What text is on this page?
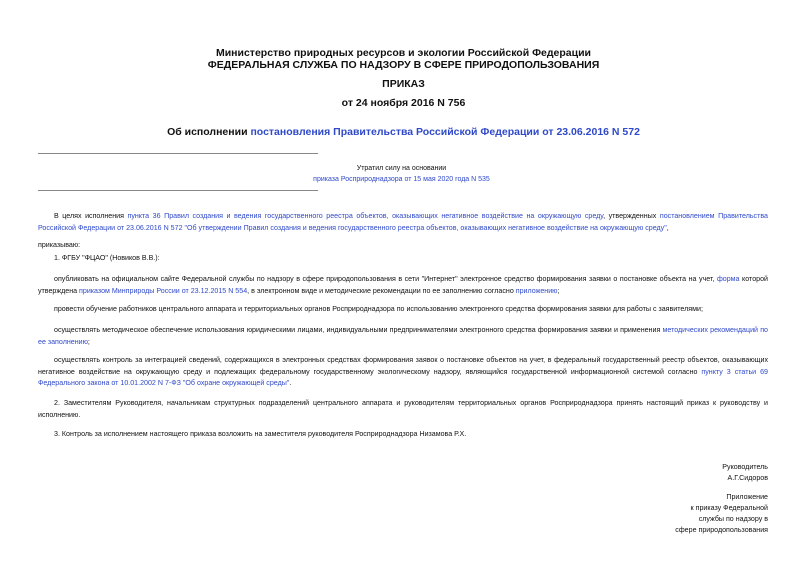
Министерство природных ресурсов и экологии Российской Федерации
ФЕДЕРАЛЬНАЯ СЛУЖБА ПО НАДЗОРУ В СФЕРЕ ПРИРОДОПОЛЬЗОВАНИЯ
ПРИКАЗ
от 24 ноября 2016 N 756
Об исполнении постановления Правительства Российской Федерации от 23.06.2016 N 572
Утратил силу на основании
приказа Росприроднадзора от 15 мая 2020 года N 535
В целях исполнения пункта 36 Правил создания и ведения государственного реестра объектов, оказывающих негативное воздействие на окружающую среду, утвержденных постановлением Правительства Российской Федерации от 23.06.2016 N 572 "Об утверждении Правил создания и ведения государственного реестра объектов, оказывающих негативное воздействие на окружающую среду",
приказываю:
1. ФГБУ "ФЦАО" (Новиков В.В.):
опубликовать на официальном сайте Федеральной службы по надзору в сфере природопользования в сети "Интернет" электронное средство формирования заявки о постановке объекта на учет, форма которой утверждена приказом Минприроды России от 23.12.2015 N 554, в электронном виде и методические рекомендации по ее заполнению согласно приложению;
провести обучение работников центрального аппарата и территориальных органов Росприроднадзора по использованию электронного средства формирования заявки для работы с заявителями;
осуществлять методическое обеспечение использования юридическими лицами, индивидуальными предпринимателями электронного средства формирования заявки и применения методических рекомендаций по ее заполнению;
осуществлять контроль за интеграцией сведений, содержащихся в электронных средствах формирования заявок о постановке объектов на учет, в федеральный государственный реестр объектов, оказывающих негативное воздействие на окружающую среду и подлежащих федеральному государственному экологическому надзору, являющийся государственной информационной системой согласно пункту 3 статьи 69 Федерального закона от 10.01.2002 N 7-ФЗ "Об охране окружающей среды".
2. Заместителям Руководителя, начальникам структурных подразделений центрального аппарата и руководителям территориальных органов Росприроднадзора принять настоящий приказ к руководству и исполнению.
3. Контроль за исполнением настоящего приказа возложить на заместителя руководителя Росприроднадзора Низамова Р.Х.
Руководитель
А.Г.Сидоров
Приложение
к приказу Федеральной
службы по надзору в
сфере природопользования
